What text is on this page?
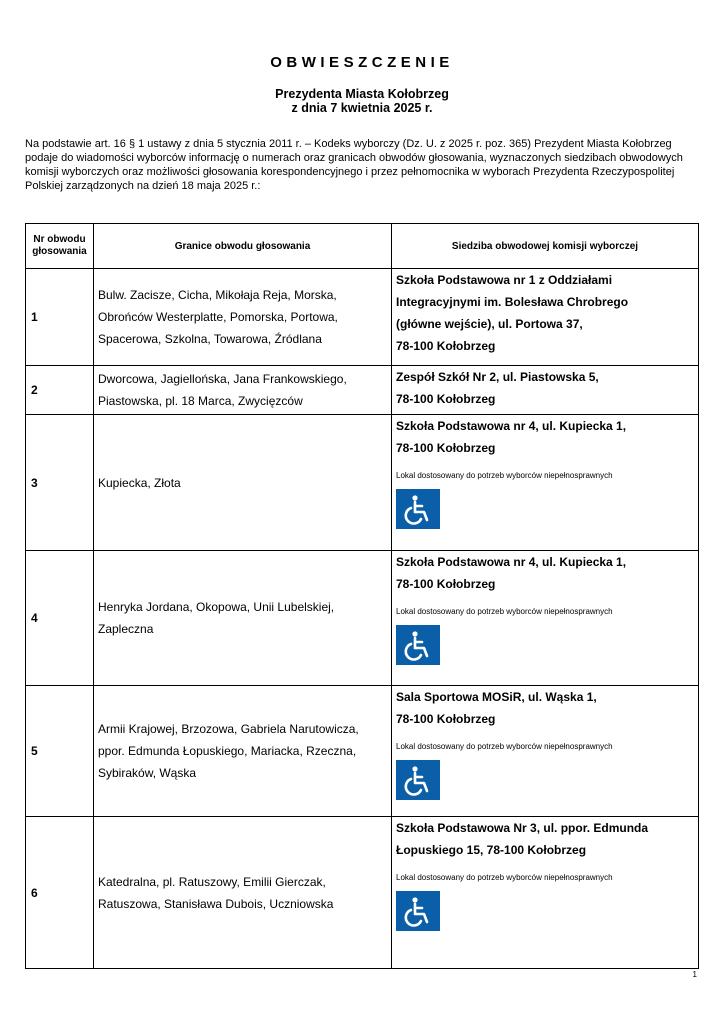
OBWIESZCZENIE
Prezydenta Miasta Kołobrzeg
z dnia 7 kwietnia 2025 r.
Na podstawie art. 16 § 1 ustawy z dnia 5 stycznia 2011 r. – Kodeks wyborczy (Dz. U. z 2025 r. poz. 365) Prezydent Miasta Kołobrzeg podaje do wiadomości wyborców informację o numerach oraz granicach obwodów głosowania, wyznaczonych siedzibach obwodowych komisji wyborczych oraz możliwości głosowania korespondencyjnego i przez pełnomocnika w wyborach Prezydenta Rzeczypospolitej Polskiej zarządzonych na dzień 18 maja 2025 r.:
Nr obwodu
głosowania	Granice obwodu głosowania	Siedziba obwodowej komisji wyborczej
1	Bulw. Zacisze, Cicha, Mikołaja Reja, Morska, Obrońców Westerplatte, Pomorska, Portowa, Spacerowa, Szkolna, Towarowa, Źródlana	Szkoła Podstawowa nr 1 z Oddziałami
Integracyjnymi im. Bolesława Chrobrego
(główne wejście), ul. Portowa 37,
78-100 Kołobrzeg

2	Dworcowa, Jagiellońska, Jana Frankowskiego, Piastowska, pl. 18 Marca, Zwycięzców	Zespół Szkół Nr 2, ul. Piastowska 5,
78-100 Kołobrzeg

3	Kupiecka, Złota	Szkoła Podstawowa nr 4, ul. Kupiecka 1,
78-100 Kołobrzeg
Lokal dostosowany do potrzeb wyborców niepełnosprawnych

4	Henryka Jordana, Okopowa, Unii Lubelskiej, Zapleczna	Szkoła Podstawowa nr 4, ul. Kupiecka 1,
78-100 Kołobrzeg
Lokal dostosowany do potrzeb wyborców niepełnosprawnych

5	Armii Krajowej, Brzozowa, Gabriela Narutowicza, ppor. Edmunda Łopuskiego, Mariacka, Rzeczna, Sybiraków, Wąska	Sala Sportowa MOSiR, ul. Wąska 1,
78-100 Kołobrzeg
Lokal dostosowany do potrzeb wyborców niepełnosprawnych

6	Katedralna, pl. Ratuszowy, Emilii Gierczak, Ratuszowa, Stanisława Dubois, Uczniowska	Szkoła Podstawowa Nr 3, ul. ppor. Edmunda
Łopuskiego 15, 78-100 Kołobrzeg
Lokal dostosowany do potrzeb wyborców niepełnosprawnych
1
